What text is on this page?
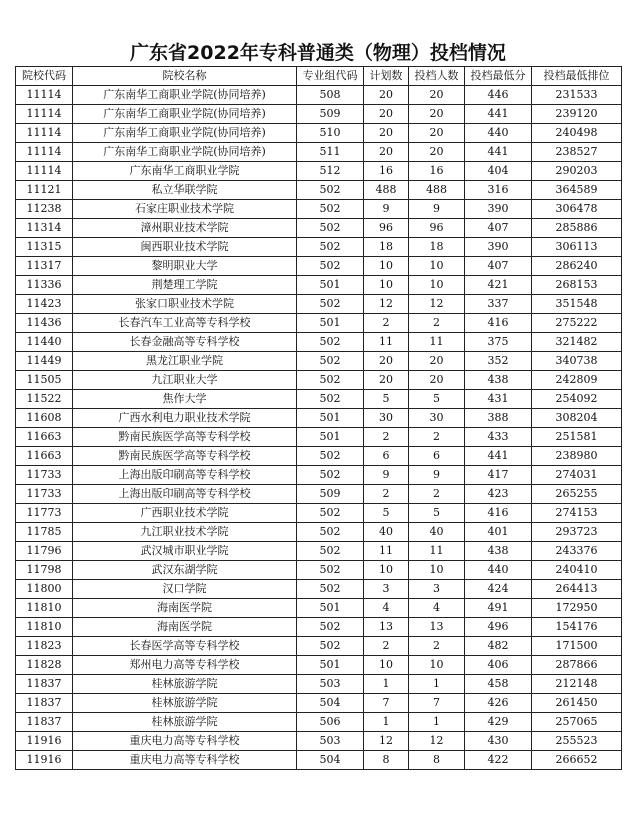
广东省2022年专科普通类（物理）投档情况
院校代码	院校名称	专业组代码	计划数	投档人数	投档最低分	投档最低排位
11114	广东南华工商职业学院(协同培养)	508	20	20	446	231533
11114	广东南华工商职业学院(协同培养)	509	20	20	441	239120
11114	广东南华工商职业学院(协同培养)	510	20	20	440	240498
11114	广东南华工商职业学院(协同培养)	511	20	20	441	238527
11114	广东南华工商职业学院	512	16	16	404	290203
11121	私立华联学院	502	488	488	316	364589
11238	石家庄职业技术学院	502	9	9	390	306478
11314	漳州职业技术学院	502	96	96	407	285886
11315	闽西职业技术学院	502	18	18	390	306113
11317	黎明职业大学	502	10	10	407	286240
11336	荆楚理工学院	501	10	10	421	268153
11423	张家口职业技术学院	502	12	12	337	351548
11436	长春汽车工业高等专科学校	501	2	2	416	275222
11440	长春金融高等专科学校	502	11	11	375	321482
11449	黑龙江职业学院	502	20	20	352	340738
11505	九江职业大学	502	20	20	438	242809
11522	焦作大学	502	5	5	431	254092
11608	广西水利电力职业技术学院	501	30	30	388	308204
11663	黔南民族医学高等专科学校	501	2	2	433	251581
11663	黔南民族医学高等专科学校	502	6	6	441	238980
11733	上海出版印刷高等专科学校	502	9	9	417	274031
11733	上海出版印刷高等专科学校	509	2	2	423	265255
11773	广西职业技术学院	502	5	5	416	274153
11785	九江职业技术学院	502	40	40	401	293723
11796	武汉城市职业学院	502	11	11	438	243376
11798	武汉东湖学院	502	10	10	440	240410
11800	汉口学院	502	3	3	424	264413
11810	海南医学院	501	4	4	491	172950
11810	海南医学院	502	13	13	496	154176
11823	长春医学高等专科学校	502	2	2	482	171500
11828	郑州电力高等专科学校	501	10	10	406	287866
11837	桂林旅游学院	503	1	1	458	212148
11837	桂林旅游学院	504	7	7	426	261450
11837	桂林旅游学院	506	1	1	429	257065
11916	重庆电力高等专科学校	503	12	12	430	255523
11916	重庆电力高等专科学校	504	8	8	422	266652
